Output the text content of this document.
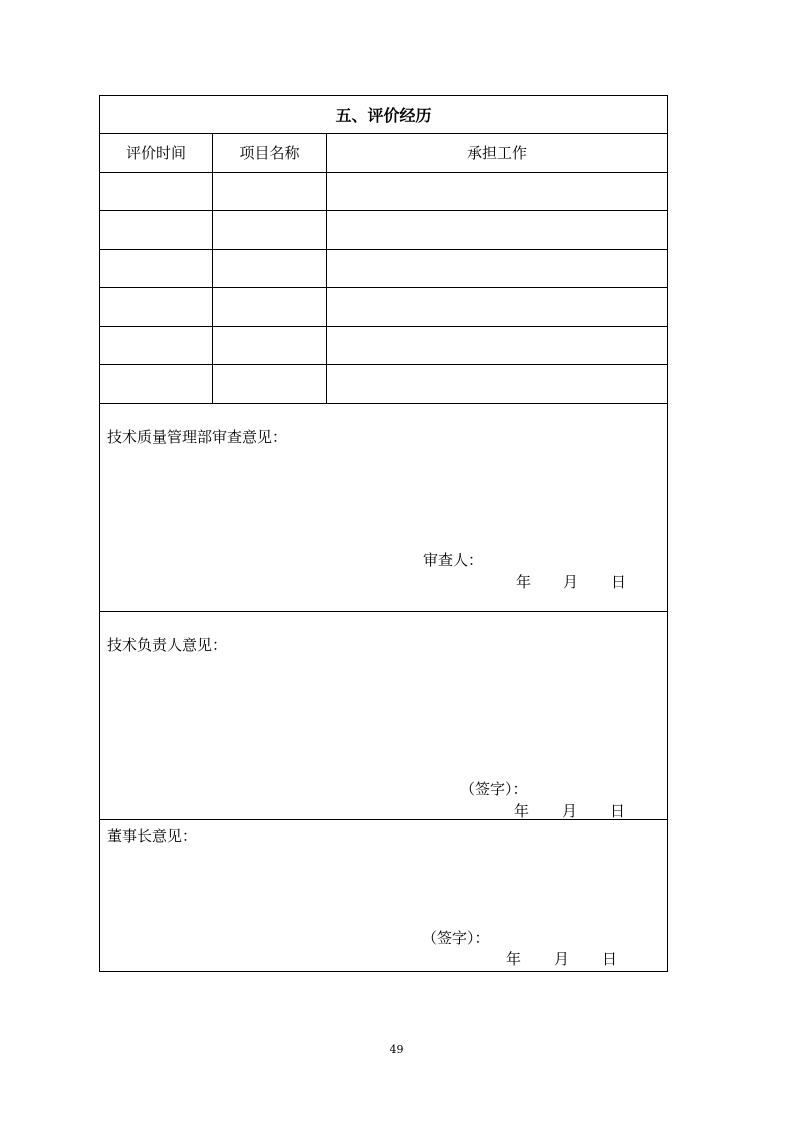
五、评价经历
评价时间	项目名称	承担工作
技术质量管理部审查意见：
审查人：
年 月 日
技术负责人意见：
（签字）：
年 月 日
董事长意见：
（签字）：
年 月 日
49
